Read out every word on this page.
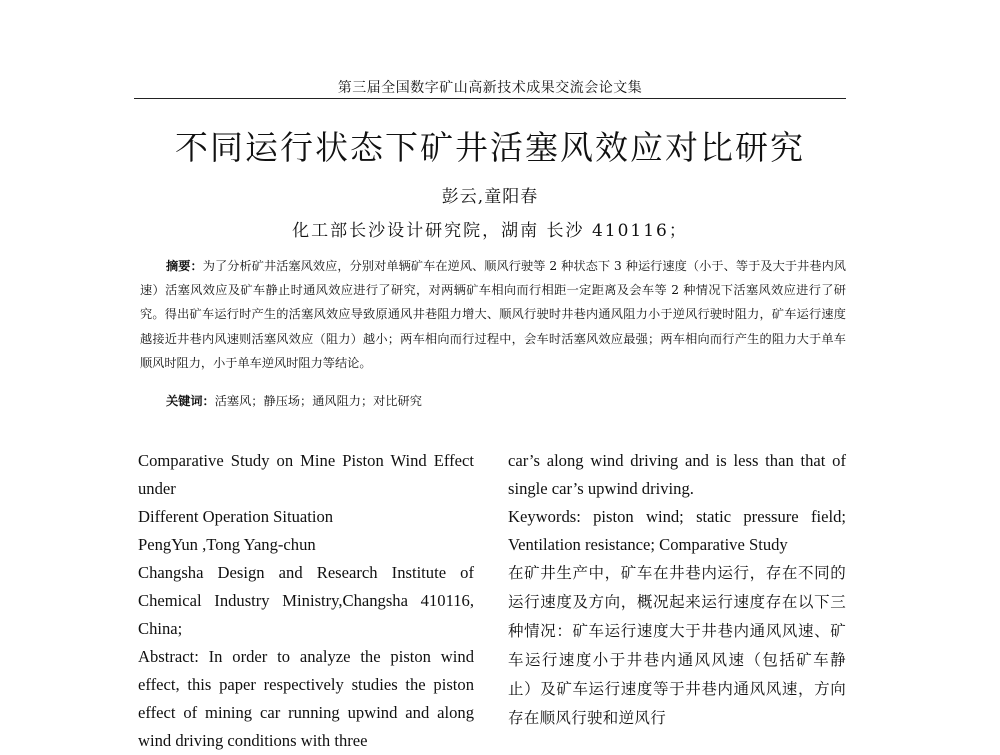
第三届全国数字矿山高新技术成果交流会论文集
不同运行状态下矿井活塞风效应对比研究
彭云,童阳春
化工部长沙设计研究院，湖南 长沙 410116；
摘要：为了分析矿井活塞风效应，分别对单辆矿车在逆风、顺风行驶等 2 种状态下 3 种运行速度（小于、等于及大于井巷内风速）活塞风效应及矿车静止时通风效应进行了研究，对两辆矿车相向而行相距一定距离及会车等 2 种情况下活塞风效应进行了研究。得出矿车运行时产生的活塞风效应导致原通风井巷阻力增大、顺风行驶时井巷内通风阻力小于逆风行驶时阻力，矿车运行速度越接近井巷内风速则活塞风效应（阻力）越小；两车相向而行过程中，会车时活塞风效应最强；两车相向而行产生的阻力大于单车顺风时阻力，小于单车逆风时阻力等结论。
关键词：活塞风；静压场；通风阻力；对比研究

Comparative Study on Mine Piston Wind Effect under

Different Operation Situation

PengYun ,Tong Yang-chun

Changsha Design and Research Institute of Chemical Industry Ministry,Changsha 410116, China;

Abstract: In order to analyze the piston wind effect, this paper respectively studies the piston effect of mining car running upwind and along wind driving conditions with three

car’s along wind driving and is less than that of single car’s upwind driving.

Keywords: piston wind; static pressure field; Ventilation resistance; Comparative Study

在矿井生产中，矿车在井巷内运行，存在不同的运行速度及方向，概况起来运行速度存在以下三种情况：矿车运行速度大于井巷内通风风速、矿车运行速度小于井巷内通风风速（包括矿车静止）及矿车运行速度等于井巷内通风风速，方向存在顺风行驶和逆风行
